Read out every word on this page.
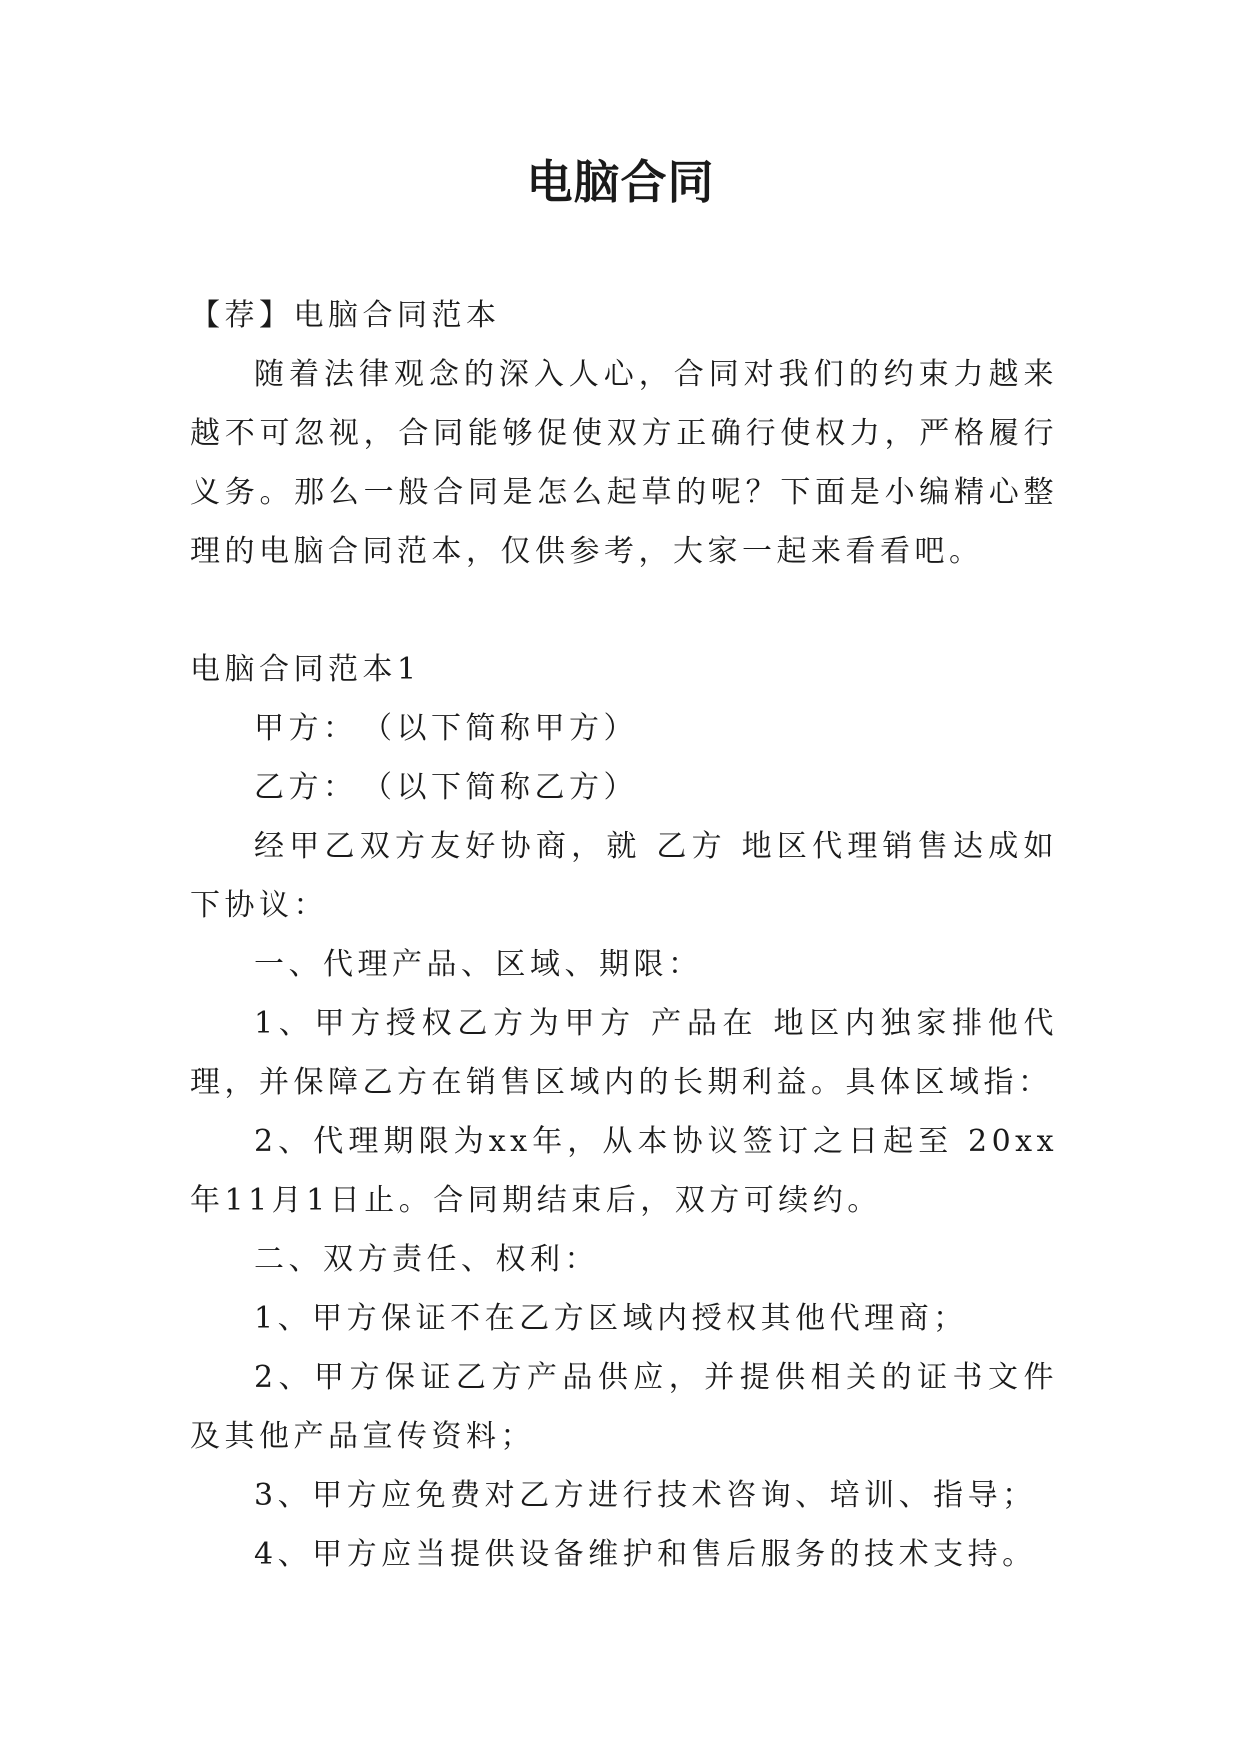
电脑合同

【荐】电脑合同范本

随着法律观念的深入人心，合同对我们的约束力越来越不可忽视，合同能够促使双方正确行使权力，严格履行义务。那么一般合同是怎么起草的呢？下面是小编精心整理的电脑合同范本，仅供参考，大家一起来看看吧。

电脑合同范本1

甲方：　（以下简称甲方）

乙方：　（以下简称乙方）

经甲乙双方友好协商，就 乙方 地区代理销售达成如下协议：

一、代理产品、区域、期限：

1、甲方授权乙方为甲方 产品在 地区内独家排他代理，并保障乙方在销售区域内的长期利益。具体区域指：

2、代理期限为xx年，从本协议签订之日起至 20xx年11月1日止。合同期结束后，双方可续约。

二、双方责任、权利：

1、甲方保证不在乙方区域内授权其他代理商；

2、甲方保证乙方产品供应，并提供相关的证书文件及其他产品宣传资料；

3、甲方应免费对乙方进行技术咨询、培训、指导；

4、甲方应当提供设备维护和售后服务的技术支持。
